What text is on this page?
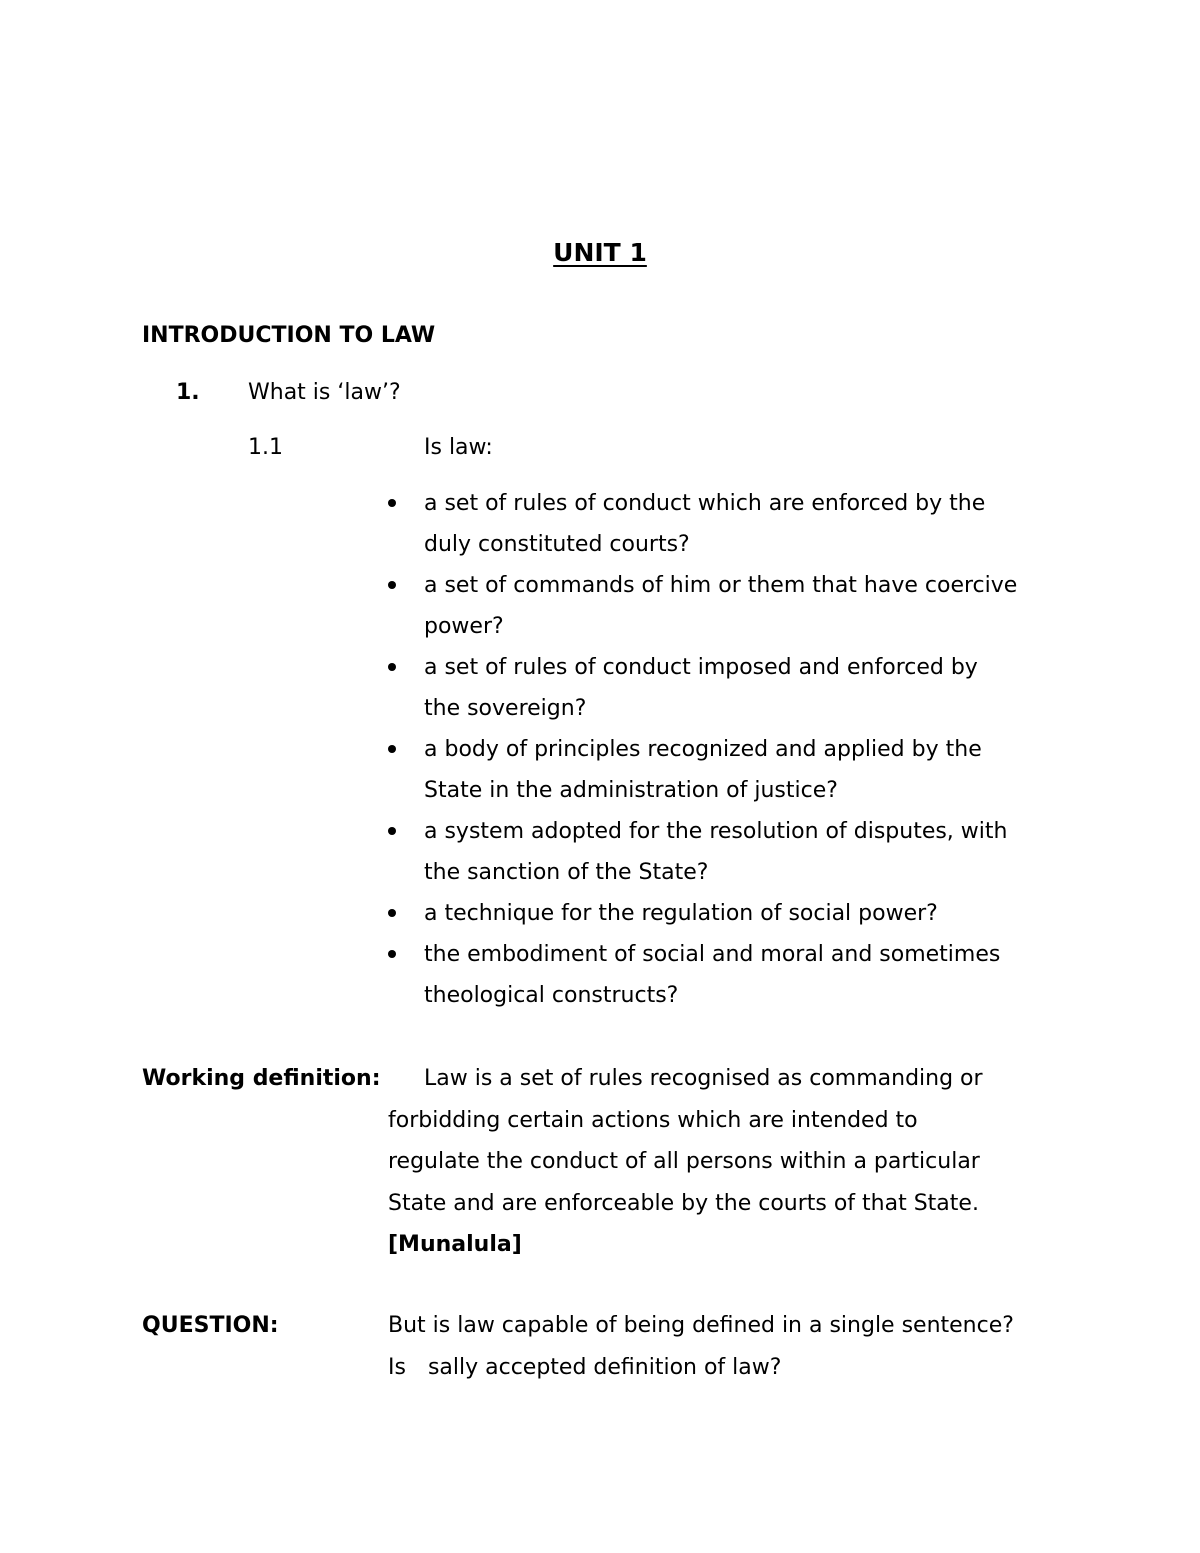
UNIT 1
INTRODUCTION TO LAW
1. What is ‘law’?
1.1	Is law:
a set of rules of conduct which are enforced by the
duly constituted courts?
a set of commands of him or them that have coercive
power?
a set of rules of conduct imposed and enforced by
the sovereign?
a body of principles recognized and applied by the
State in the administration of justice?
a system adopted for the resolution of disputes, with
the sanction of the State?
a technique for the regulation of social power?
the embodiment of social and moral and sometimes
theological constructs?
Working definition:	Law is a set of rules recognised as commanding or
forbidding certain actions which are intended to
regulate the conduct of all persons within a particular
State and are enforceable by the courts of that State.
[Munalula]
QUESTION:	But is law capable of being defined in a single sentence?
Is sally accepted definition of law?
